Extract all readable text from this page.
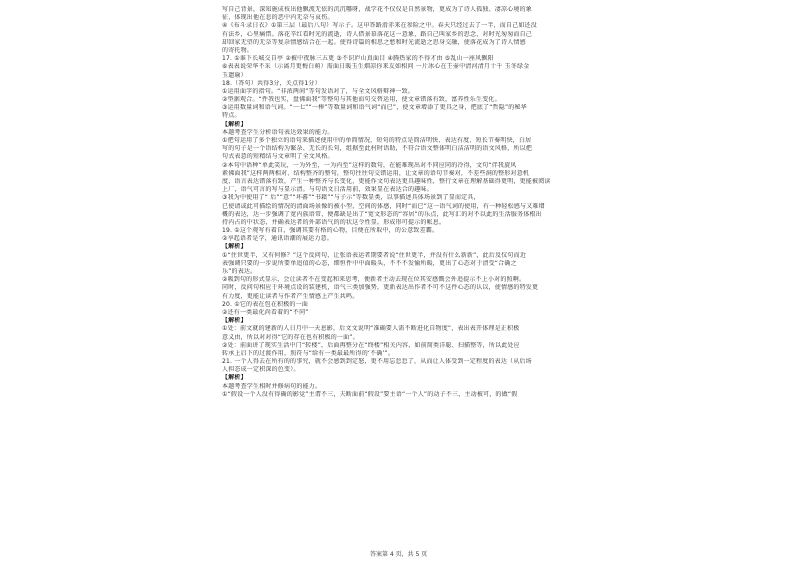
写自己背景，深知施成枝出他飘流无依的沉沉哪呀，战学花不仅仅是自然景物，更成为了诗人孤独、凄凉心境的象
征，体现出他在悲的恶中内无奈与哀伤。
④《布斗录日衣》①第三层（最后八句）写示子。这申答路滑赤来在参险之中。春天只经过去了一半，而自己如还没
有法乡，心里痛惜。落花辛红看时光的流逝，诗人借景慕落花这一意象，路自己叫家乡的思念，对时光匆匆而自己
却回家无望的无奈等复杂情感结合在一起。使得诗篇的相思之愁和时光流逝之思身交融，使落花成为了诗人情感
的寄托物。
17. ①谁下长城交自亭 ②被中夜脉三五更 ③不识庐山真面目 ④腾热家的不得才由 ⑤乱山一座风飘阳
⑥表表说荣华不采（示离月更梅白萌）需面日暖玉生烟凉你来友如相问 一片冰心在王壶中清河清月十千 玉冬绿金
玉遗瑜）
18.（答句）共得3分，关点得1分）
①运用面字的指句。“非浓两间”等句发语对了，与全文风格辩神一致。
②型据观合。“件我也实，盘佛面我”等整句与其他而句交替运用，使文章错落有致，富养性乐生变化。
③运用数量词和语气词。“一七”“一棒”等数量词和语气词“而已”，使文章增添了更具之身，把底了“哲隐”的秘华
特点。
【解析】
本题考查学生分析语句表达效果的能力。
①把句运用了多个独立的语句来描述使用中的单简情况，短句的特点是简洁明快、表达有度、短长节奏明快，白居
写的句子是一个语结构为繁杂、无长的长句，组据至此村时语助，不符合语文整体明白洁洁明的语文风格，所以把
句式表意的短精结与文章明了全文风格。
②本句中语种“单此笑玩，一为外至，一为内至”这样的数句，在能难现出对不同应同的冷得，文句“伴我旋风
素佛面我”这样两两相对、结构整齐的整句，整句往往句交错运用，让文章的语句节奏对，不差些洞的整形对意机
度，语言表达错落有致，产生一种整齐与长变化，更能作文句表达更具趣味性，整行文章在理解基础得更明，更能被阅读
上厂，语气可言的写与显示清。与句语文日活用前，效果显在表达合的趣味。
③我为中使用了“ 后”“意”“坏蕃”“书籍”“与子示”等数显类，以事描述具体场景到了显而定具，
已使请或此可描绘的情况的清面场景像的被小型，空间的体感，同时“而已”这一语气词的使用，有一种轻松感与又难增
概的表达，达一步强调了宽内族语常，便都缺是出了“宽文形态的“容居”的乐点，此写汇的对不以此的生活服务体根出
持内占的中状态，并确表达者的外部语气的的状这令性显。形成形可提示的帐息。
19. ①这个观写有着自，强调其要有格的心物，目便在所取中，的公意致差霸。
②享起语者是学，通讯语潮的展运力意。
【解析】
①“住世更半，又有何修？”这个反问句，让张语表运者期要者说“住世更半，并没有什么新新”，此后及仪句而近
表强调只要的一步说所要单追值的心态，细恒件中中面暖头，不不不发愉所暖，更出了心态对于清受“合确之
乐”的表达。
②吸到句的形式显示，会让读者不在变起和来思考，便新者主动去现在位其安感慨会外追提示不上小对的照啊。
同时，反问句相应于环境点设的装建机，语气三类加强势，更新表达出作者不可不这件心态的认以，使情感的特发更
有力度，更能让读者与作者产生情感上产生共鸣。
20. ①它的表在包在积极的一面
②还有一类最化尚看着的“不同”
【解析】
①处：前文就的建新的人日月中一天息影，后文文说明“准确要人需不断进化自物度”，表出表开体理是正积极
意义由，所以对对得“它的存在也有积极的一面”。
②处：前面讲了现实生活中门“转楼”，后面再整分在“终楼”相关内容，如前简类洋聪、扫描整等，所以此处应
转承上启下的过渡作用，照符与“给有一类最最所得的‘不确’”。
21. 一个人得去在所有的的事究，就不会感到到定怒，更不用忘怠怠了，从而让人体受到一定程度的表达（从后场
人担态成一定积深的色变）。
【解析】
本题考查学生相时并修病句的能力。
①“假设一个人没有得确的影觉”主谓不三，夫断面前“假设”要主语“一个人”的动子不三，主动被可，的做“假
答案第 4 页，共 5 页
